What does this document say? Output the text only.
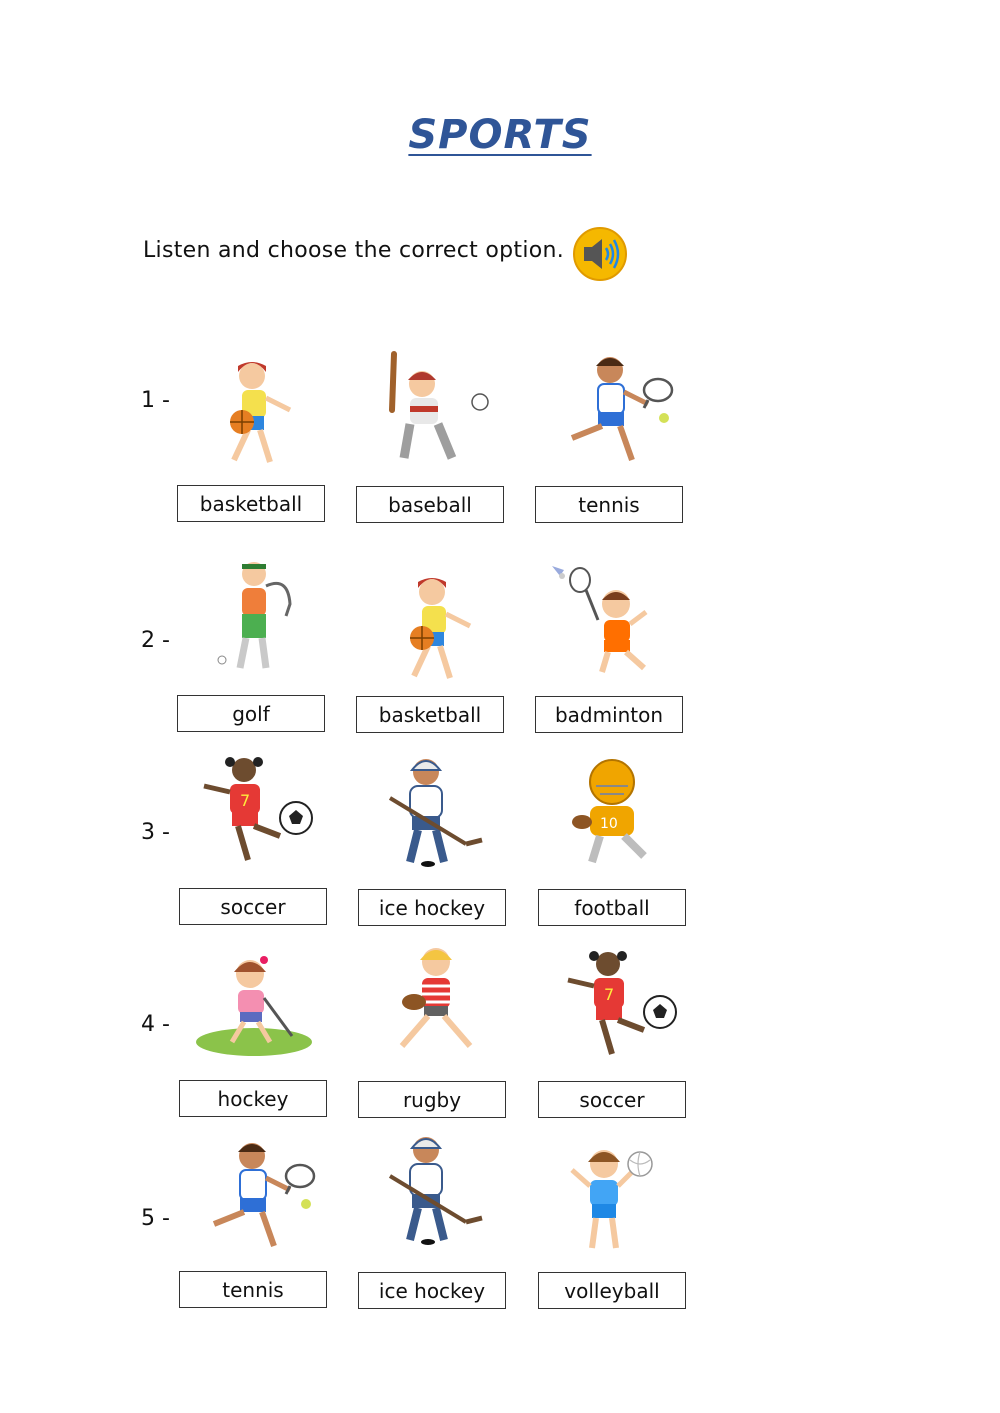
SPORTS
Listen and choose the correct option.
1 -
basketball	baseball	tennis
2 -
golf	basketball	badminton
3 -
7
10
soccer	ice hockey	football
4 -
7
hockey	rugby	soccer
5 -
tennis	ice hockey	volleyball
